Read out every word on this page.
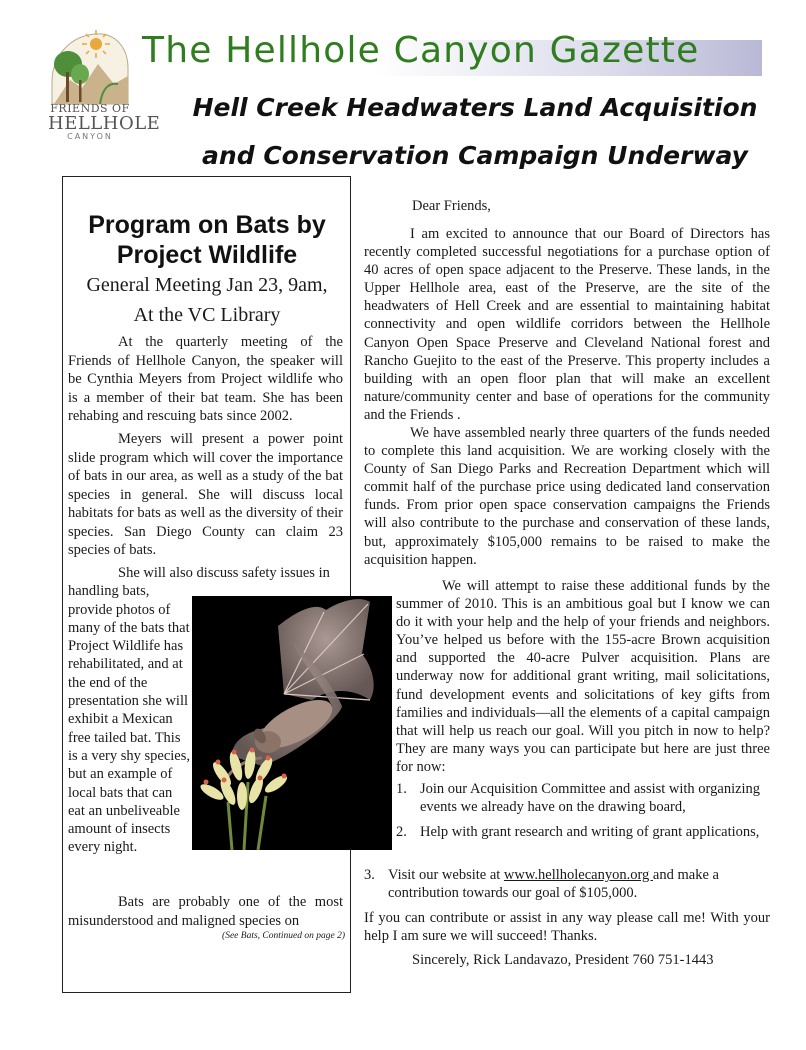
FRIENDS OF
HELLHOLE
CANYON
The Hellhole Canyon Gazette
Hell Creek Headwaters Land Acquisition
and Conservation Campaign Underway
Program on Bats by
Project Wildlife

General Meeting Jan 23, 9am,
At the VC Library

At the quarterly meeting of the Friends of Hellhole Canyon, the speaker will be Cynthia Meyers from Project wildlife who is a member of their bat team. She has been rehabing and rescuing bats since 2002.

Meyers will present a power point slide program which will cover the importance of bats in our area, as well as a study of the bat species in general. She will discuss local habitats for bats as well as the diversity of their species. San Diego County can claim 23 species of bats.

She will also discuss safety issues in
handling bats, provide photos of many of the bats that Project Wildlife has rehabilitated, and at the end of the presentation she will exhibit a Mexican free tailed bat. This is a very shy species, but an example of local bats that can eat an unbeliveable amount of insects every night.

Bats are probably one of the most misunderstood and maligned species on

(See Bats, Continued on page 2)

Dear Friends,

I am excited to announce that our Board of Directors has recently completed successful negotiations for a purchase option of 40 acres of open space adjacent to the Preserve. These lands, in the Upper Hellhole area, east of the Preserve, are the site of the headwaters of Hell Creek and are essential to maintaining habitat connectivity and open wildlife corridors between the Hellhole Canyon Open Space Preserve and Cleveland National forest and Rancho Guejito to the east of the Preserve. This property includes a building with an open floor plan that will make an excellent nature/community center and base of operations for the community and the Friends .

We have assembled nearly three quarters of the funds needed to complete this land acquisition. We are working closely with the County of San Diego Parks and Recreation Department which will commit half of the purchase price using dedicated land conservation funds. From prior open space conservation campaigns the Friends will also contribute to the purchase and conservation of these lands, but, approximately $105,000 remains to be raised to make the acquisition happen.

We will attempt to raise these additional funds by the summer of 2010. This is an ambitious goal but I know we can do it with your help and the help of your friends and neighbors. You’ve helped us before with the 155-acre Brown acquisition and supported the 40-acre Pulver acquisition. Plans are underway now for additional grant writing, mail solicitations, fund development events and solicitations of key gifts from families and individuals—all the elements of a capital campaign that will help us reach our goal. Will you pitch in now to help? They are many ways you can participate but here are just three for now:

1. Join our Acquisition Committee and assist with organizing events we already have on the drawing board,
2. Help with grant research and writing of grant applications,
3. Visit our website at www.hellholecanyon.org and make a contribution towards our goal of $105,000.

If you can contribute or assist in any way please call me! With your help I am sure we will succeed! Thanks.

Sincerely, Rick Landavazo, President 760 751-1443
